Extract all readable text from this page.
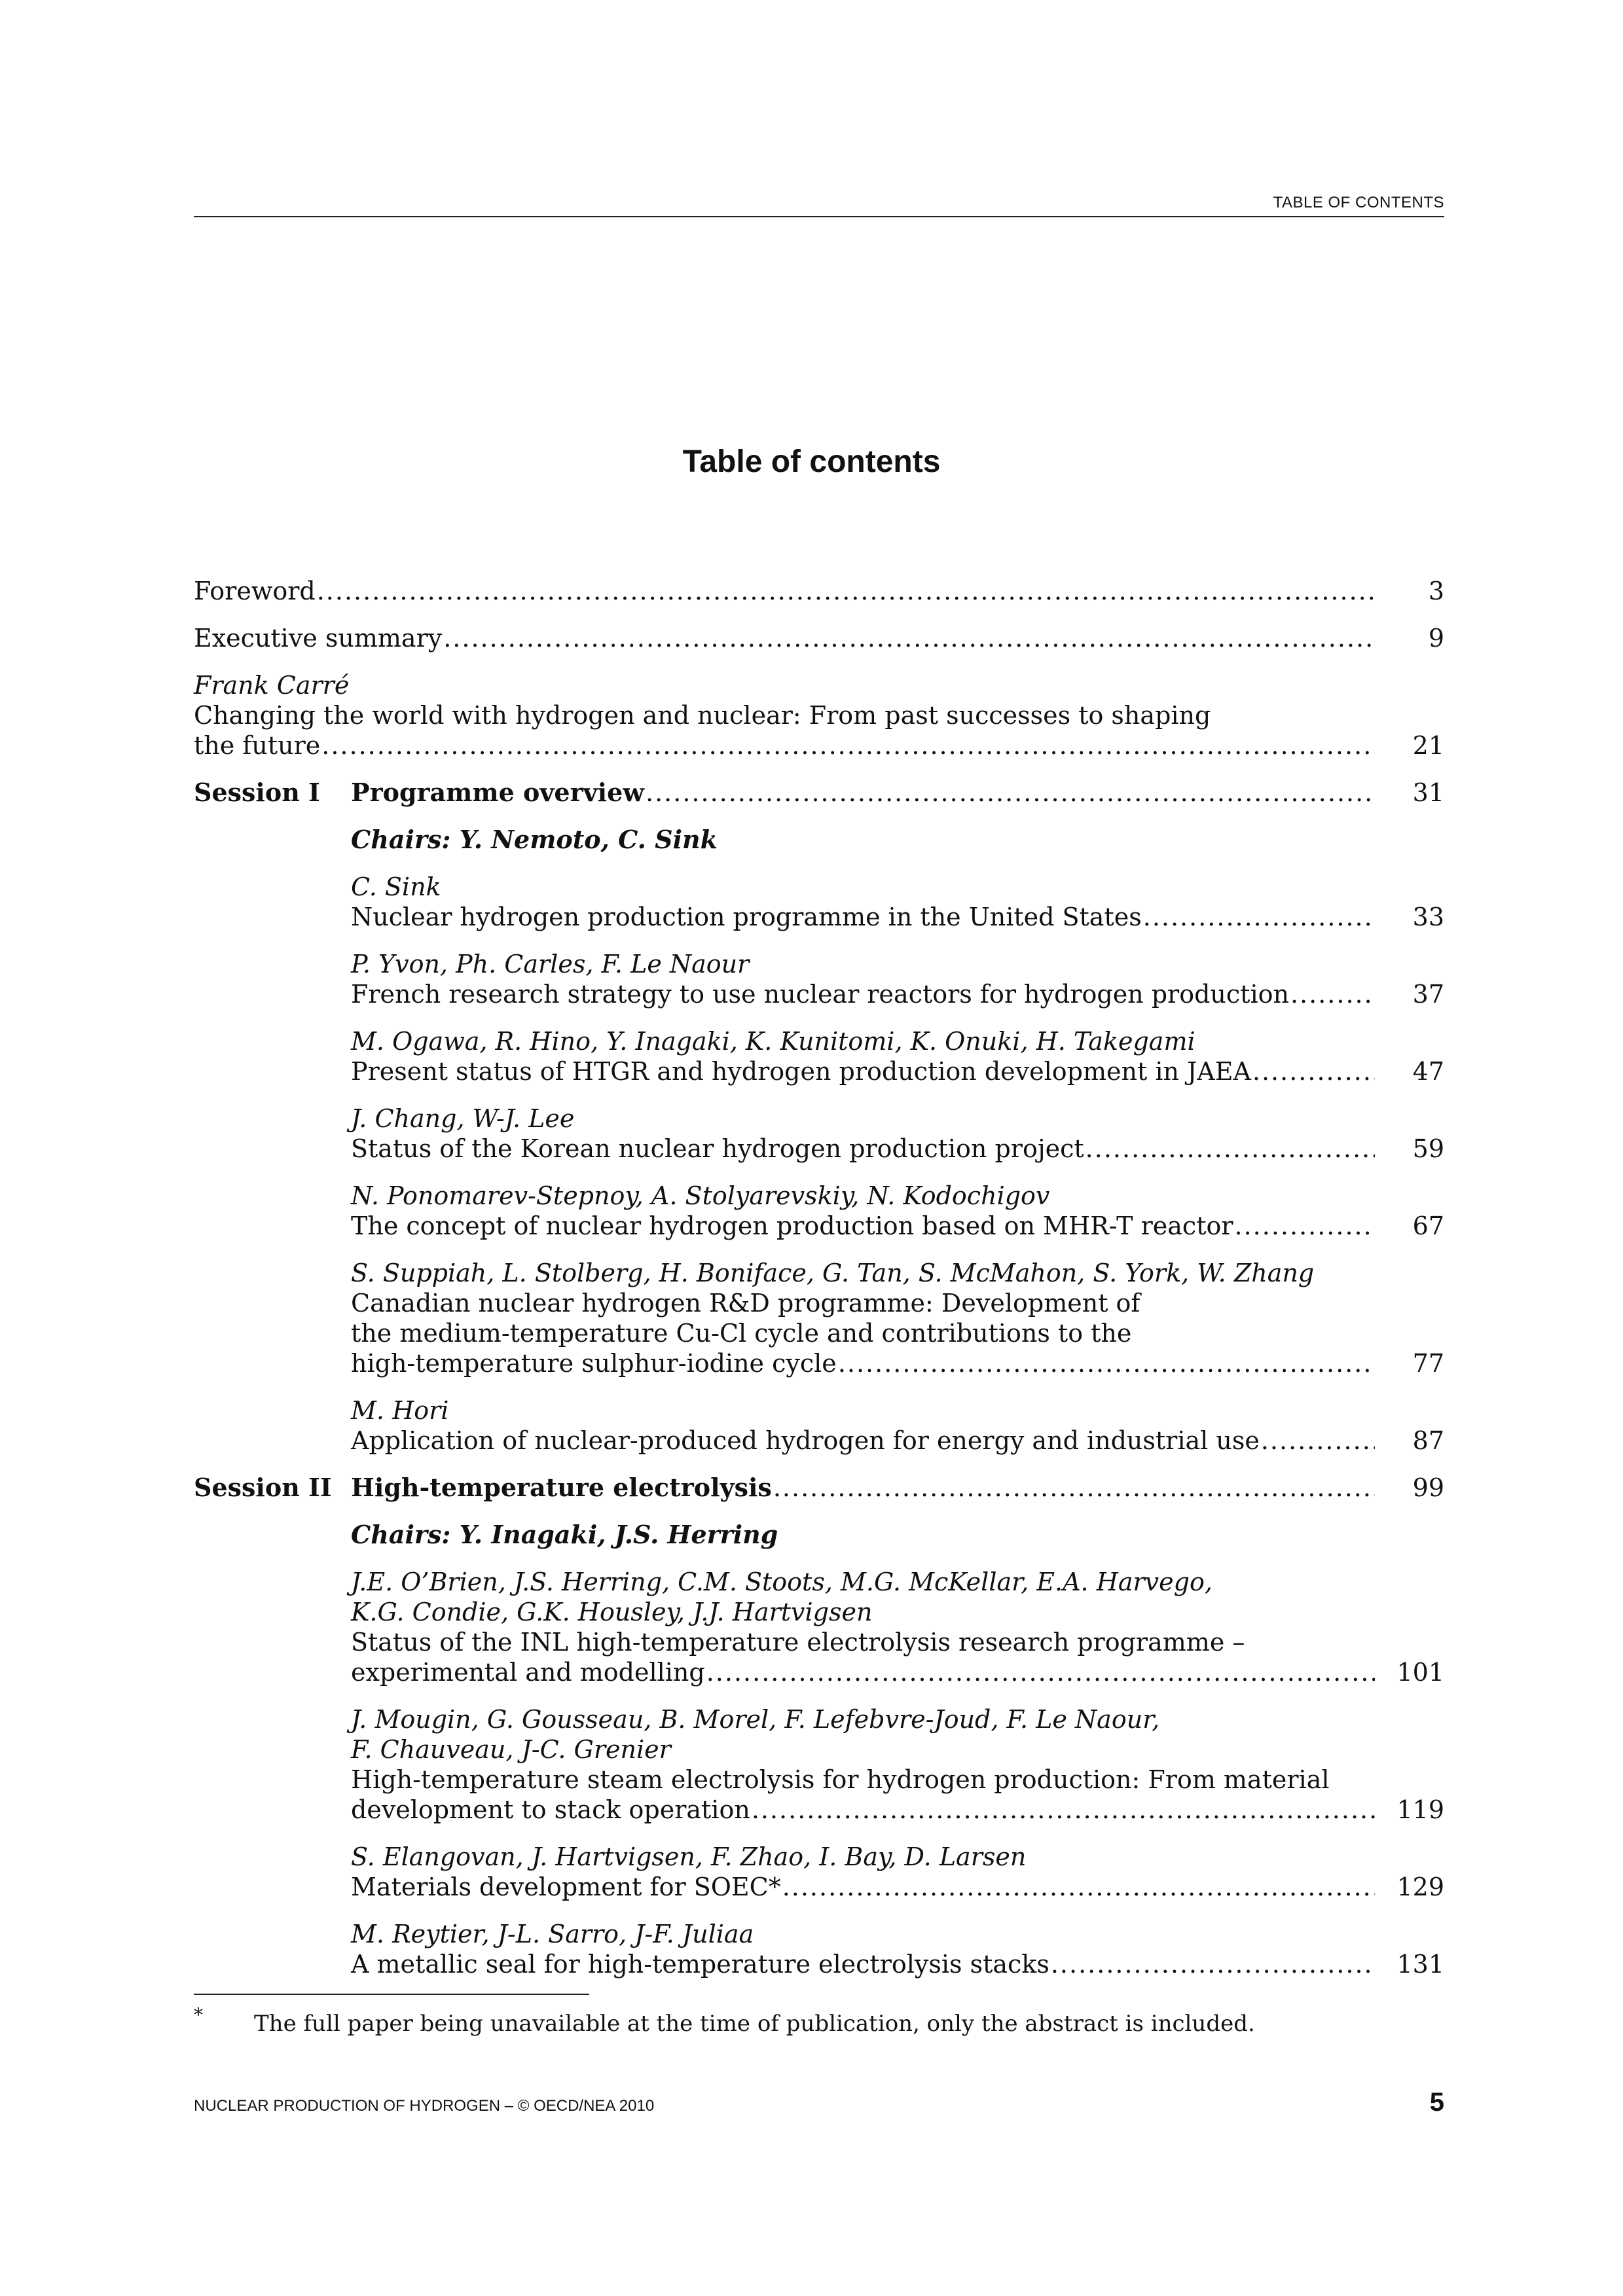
TABLE OF CONTENTS
Table of contents
Foreword .....	3
Executive summary .....	9
Frank Carré
Changing the world with hydrogen and nuclear: From past successes to shaping
the future .....	21
Session I	Programme overview .....	31
Chairs: Y. Nemoto, C. Sink
C. Sink
Nuclear hydrogen production programme in the United States .....	33
P. Yvon, Ph. Carles, F. Le Naour
French research strategy to use nuclear reactors for hydrogen production .....	37
M. Ogawa, R. Hino, Y. Inagaki, K. Kunitomi, K. Onuki, H. Takegami
Present status of HTGR and hydrogen production development in JAEA .....	47
J. Chang, W-J. Lee
Status of the Korean nuclear hydrogen production project .....	59
N. Ponomarev-Stepnoy, A. Stolyarevskiy, N. Kodochigov
The concept of nuclear hydrogen production based on MHR-T reactor .....	67
S. Suppiah, L. Stolberg, H. Boniface, G. Tan, S. McMahon, S. York, W. Zhang
Canadian nuclear hydrogen R&D programme: Development of
the medium-temperature Cu-Cl cycle and contributions to the
high-temperature sulphur-iodine cycle .....	77
M. Hori
Application of nuclear-produced hydrogen for energy and industrial use .....	87
Session II High-temperature electrolysis .....	99
Chairs: Y. Inagaki, J.S. Herring
J.E. O’Brien, J.S. Herring, C.M. Stoots, M.G. McKellar, E.A. Harvego,
K.G. Condie, G.K. Housley, J.J. Hartvigsen
Status of the INL high-temperature electrolysis research programme –
experimental and modelling .....	101
J. Mougin, G. Gousseau, B. Morel, F. Lefebvre-Joud, F. Le Naour,
F. Chauveau, J-C. Grenier
High-temperature steam electrolysis for hydrogen production: From material
development to stack operation .....	119
S. Elangovan, J. Hartvigsen, F. Zhao, I. Bay, D. Larsen
Materials development for SOEC* .....	129
M. Reytier, J-L. Sarro, J-F. Juliaa
A metallic seal for high-temperature electrolysis stacks .....	131
*	The full paper being unavailable at the time of publication, only the abstract is included.
NUCLEAR PRODUCTION OF HYDROGEN – © OECD/NEA 2010	5
